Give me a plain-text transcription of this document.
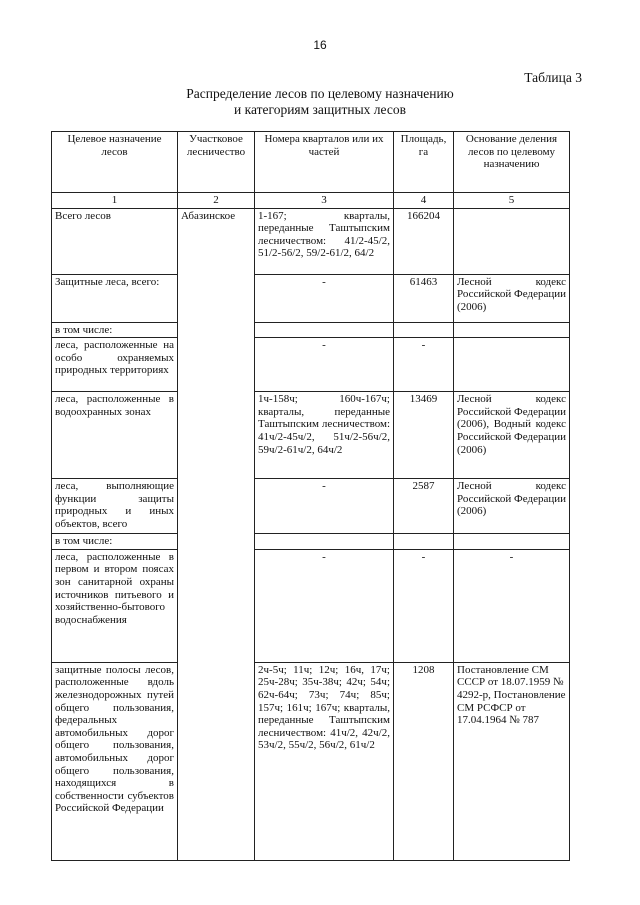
16
Таблица 3
Распределение лесов по целевому назначению
и категориям защитных лесов
Целевое назначение лесов	Участковое лесничество	Номера кварталов или их частей	Площадь, га	Основание деления лесов по целевому назначению
1	2	3	4	5
Всего лесов	Абазинское	1-167; кварталы, переданные Таштыпским лесничеством: 41/2-45/2, 51/2-56/2, 59/2-61/2, 64/2	166204	
Защитные леса, всего:		-	61463	Лесной кодекс Российской Федерации (2006)
в том числе:				
леса, расположенные на особо охраняемых природных территориях		-	-	
леса, расположенные в водоохранных зонах		1ч-158ч; 160ч-167ч; кварталы, переданные Таштыпским лесничеством: 41ч/2-45ч/2, 51ч/2-56ч/2, 59ч/2-61ч/2, 64ч/2	13469	Лесной кодекс Российской Федерации (2006), Водный кодекс Российской Федерации (2006)
леса, выполняющие функции защиты природных и иных объектов, всего		-	2587	Лесной кодекс Российской Федерации (2006)
в том числе:				
леса, расположенные в первом и втором поясах зон санитарной охраны источников питьевого и хозяйственно-бытового водоснабжения		-	-	-
защитные полосы лесов, расположенные вдоль железнодорожных путей общего пользования, федеральных автомобильных дорог общего пользования, автомобильных дорог общего пользования, находящихся в собственности субъектов Российской Федерации		2ч-5ч; 11ч; 12ч; 16ч, 17ч; 25ч-28ч; 35ч-38ч; 42ч; 54ч; 62ч-64ч; 73ч; 74ч; 85ч; 157ч; 161ч; 167ч; кварталы, переданные Таштыпским лесничеством: 41ч/2, 42ч/2, 53ч/2, 55ч/2, 56ч/2, 61ч/2	1208	Постановление СМ СССР от 18.07.1959 № 4292-р, Постановление СМ РСФСР от 17.04.1964 № 787
